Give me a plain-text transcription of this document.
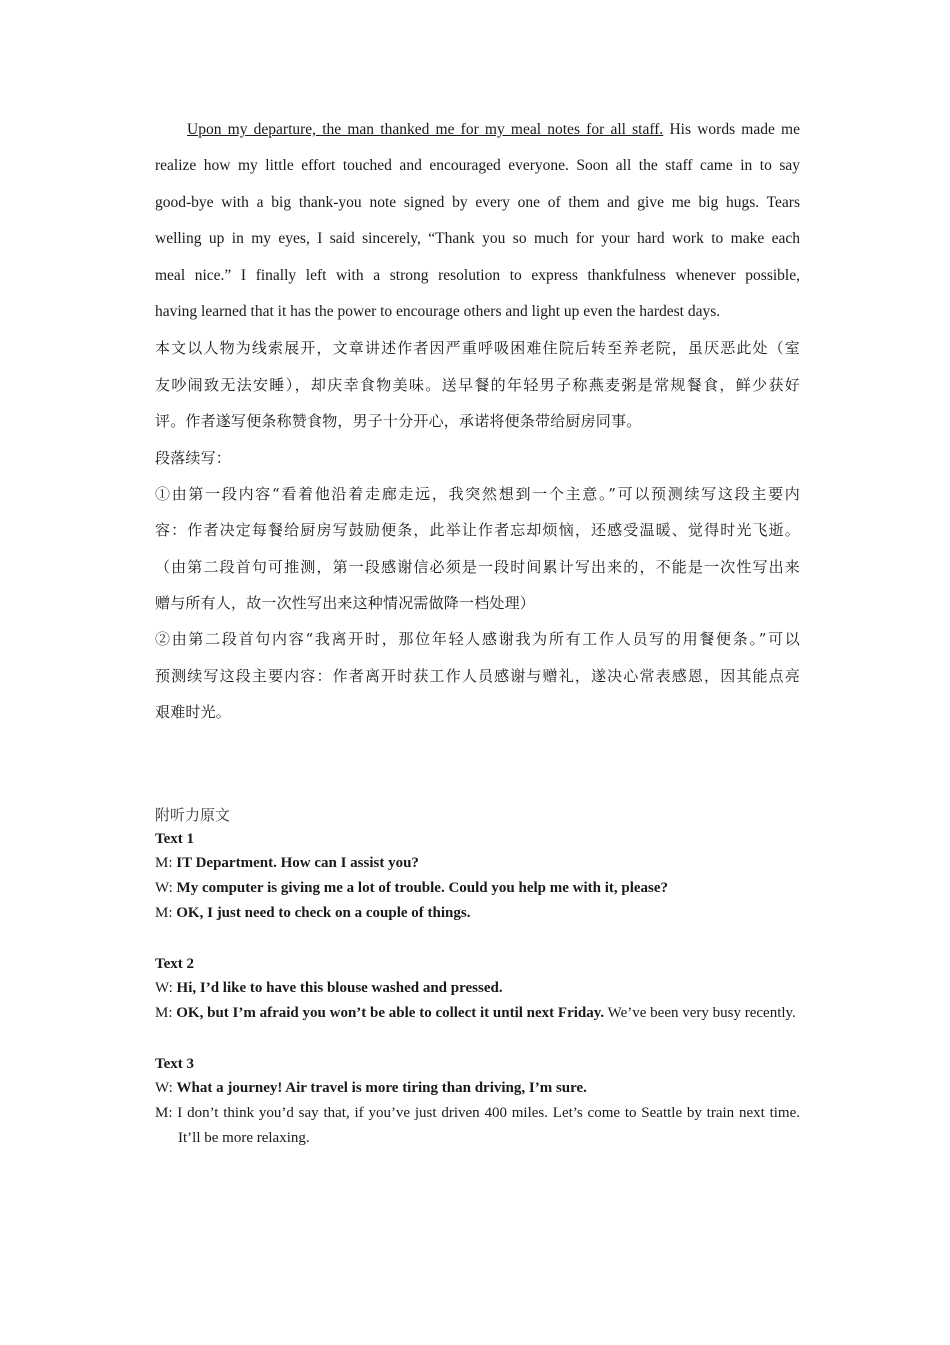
Upon my departure, the man thanked me for my meal notes for all staff. His words made me
realize how my little effort touched and encouraged everyone. Soon all the staff came in to say
good-bye with a big thank-you note signed by every one of them and give me big hugs. Tears
welling up in my eyes, I said sincerely, “Thank you so much for your hard work to make each
meal nice.” I finally left with a strong resolution to express thankfulness whenever possible,
having learned that it has the power to encourage others and light up even the hardest days.
本文以人物为线索展开，文章讲述作者因严重呼吸困难住院后转至养老院，虽厌恶此处（室
友吵闹致无法安睡），却庆幸食物美味。送早餐的年轻男子称燕麦粥是常规餐食，鲜少获好
评。作者遂写便条称赞食物，男子十分开心，承诺将便条带给厨房同事。
段落续写：
①由第一段内容“看着他沿着走廊走远，我突然想到一个主意。”可以预测续写这段主要内
容：作者决定每餐给厨房写鼓励便条，此举让作者忘却烦恼，还感受温暖、觉得时光飞逝。
（由第二段首句可推测，第一段感谢信必须是一段时间累计写出来的，不能是一次性写出来
赠与所有人，故一次性写出来这种情况需做降一档处理）
②由第二段首句内容“我离开时，那位年轻人感谢我为所有工作人员写的用餐便条。”可以
预测续写这段主要内容：作者离开时获工作人员感谢与赠礼，遂决心常表感恩，因其能点亮
艰难时光。
附听力原文
Text 1
M: IT Department. How can I assist you?
W: My computer is giving me a lot of trouble. Could you help me with it, please?
M: OK, I just need to check on a couple of things.
Text 2
W: Hi, I’d like to have this blouse washed and pressed.
M: OK, but I’m afraid you won’t be able to collect it until next Friday. We’ve been very busy recently.
Text 3
W: What a journey! Air travel is more tiring than driving, I’m sure.
M: I don’t think you’d say that, if you’ve just driven 400 miles. Let’s come to Seattle by train next time. It’ll be more relaxing.
